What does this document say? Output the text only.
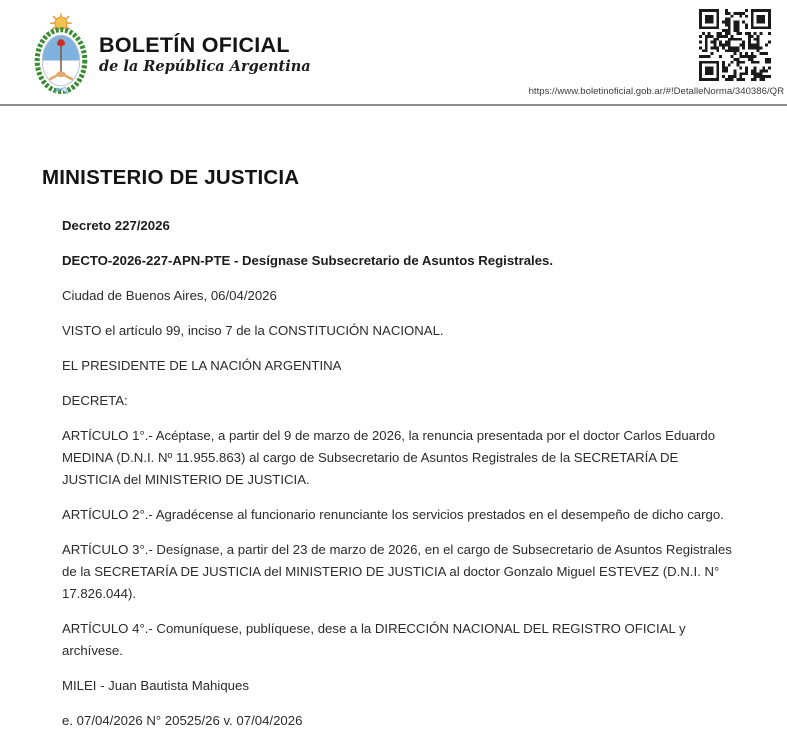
BOLETÍN OFICIAL
de la República Argentina
https://www.boletinoficial.gob.ar/#!DetalleNorma/340386/QR
MINISTERIO DE JUSTICIA

Decreto 227/2026

DECTO-2026-227-APN-PTE - Desígnase Subsecretario de Asuntos Registrales.

Ciudad de Buenos Aires, 06/04/2026

VISTO el artículo 99, inciso 7 de la CONSTITUCIÓN NACIONAL.

EL PRESIDENTE DE LA NACIÓN ARGENTINA

DECRETA:

ARTÍCULO 1°.- Acéptase, a partir del 9 de marzo de 2026, la renuncia presentada por el doctor Carlos Eduardo MEDINA (D.N.I. Nº 11.955.863) al cargo de Subsecretario de Asuntos Registrales de la SECRETARÍA DE JUSTICIA del MINISTERIO DE JUSTICIA.

ARTÍCULO 2°.- Agradécense al funcionario renunciante los servicios prestados en el desempeño de dicho cargo.

ARTÍCULO 3°.- Desígnase, a partir del 23 de marzo de 2026, en el cargo de Subsecretario de Asuntos Registrales de la SECRETARÍA DE JUSTICIA del MINISTERIO DE JUSTICIA al doctor Gonzalo Miguel ESTEVEZ (D.N.I. N° 17.826.044).

ARTÍCULO 4°.- Comuníquese, publíquese, dese a la DIRECCIÓN NACIONAL DEL REGISTRO OFICIAL y archívese.

MILEI - Juan Bautista Mahiques

e. 07/04/2026 N° 20525/26 v. 07/04/2026
